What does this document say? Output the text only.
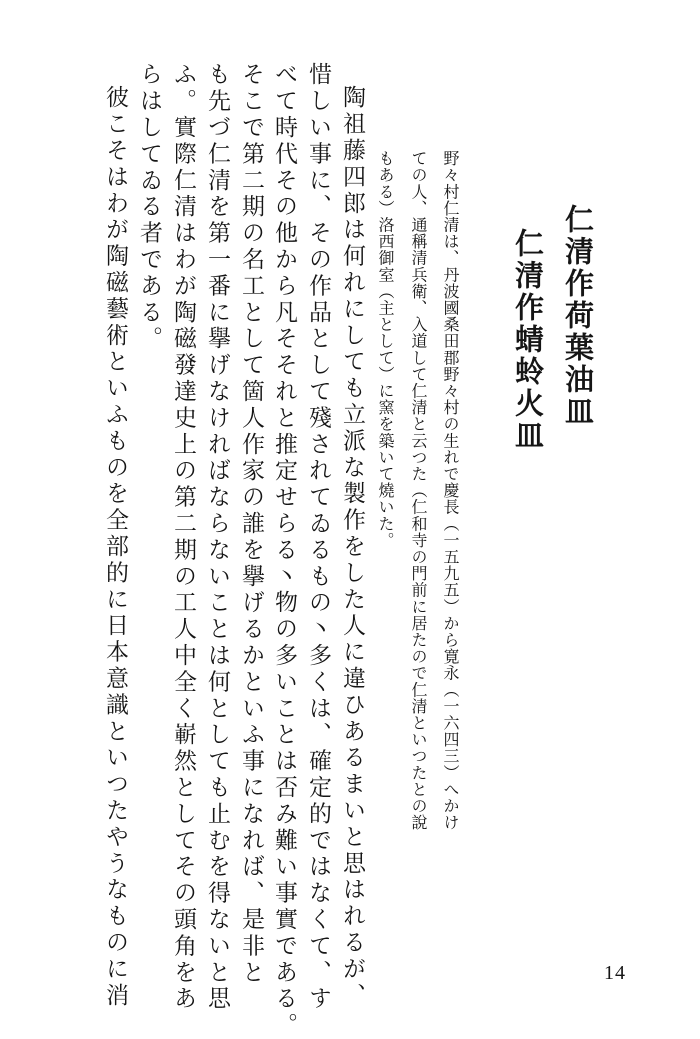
仁清作荷葉油皿
仁清作蜻蛉火皿
野々村仁清は、丹波國桑田郡野々村の生れで慶長（一五九五）から寛永（一六四三）へかけ
ての人、通稱清兵衛、入道して仁清と云つた（仁和寺の門前に居たので仁清といつたとの說
もある）洛西御室（主として）に窯を築いて燒いた。
陶祖藤四郎は何れにしても立派な製作をした人に違ひあるまいと思はれるが、
惜しい事に、その作品として殘されてゐるもの丶多くは、確定的ではなくて、す
べて時代その他から凡そそれと推定せらる丶物の多いことは否み難い事實である。
そこで第二期の名工として箇人作家の誰を擧げるかといふ事になれば、是非と
も先づ仁清を第一番に擧げなければならないことは何としても止むを得ないと思
ふ。實際仁清はわが陶磁發達史上の第二期の工人中全く嶄然としてその頭角をあ
らはしてゐる者である。
彼こそはわが陶磁藝術といふものを全部的に日本意識といつたやうなものに消	14
